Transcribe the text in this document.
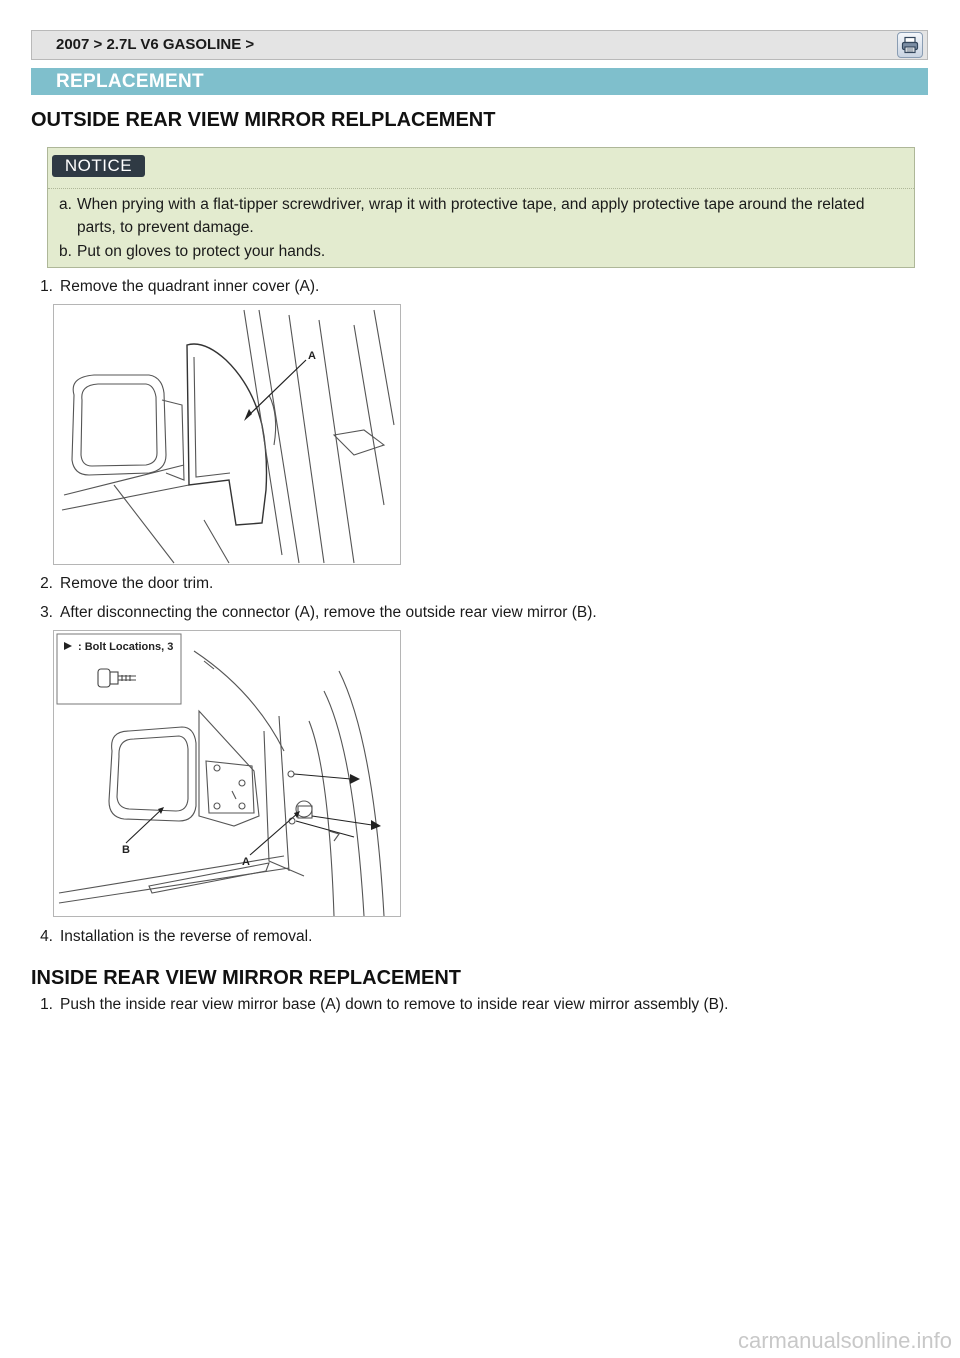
2007 > 2.7L V6 GASOLINE >
REPLACEMENT
OUTSIDE REAR VIEW MIRROR RELPLACEMENT
NOTICE
a. When prying with a flat-tipper screwdriver, wrap it with protective tape, and apply protective tape around the related parts, to prevent damage.
b. Put on gloves to protect your hands.
1. Remove the quadrant inner cover (A).
A
2. Remove the door trim.
3. After disconnecting the connector (A), remove the outside rear view mirror (B).
: Bolt Locations, 3
B
A
4. Installation is the reverse of removal.
INSIDE REAR VIEW MIRROR REPLACEMENT
1. Push the inside rear view mirror base (A) down to remove to inside rear view mirror assembly (B).
carmanualsonline.info
